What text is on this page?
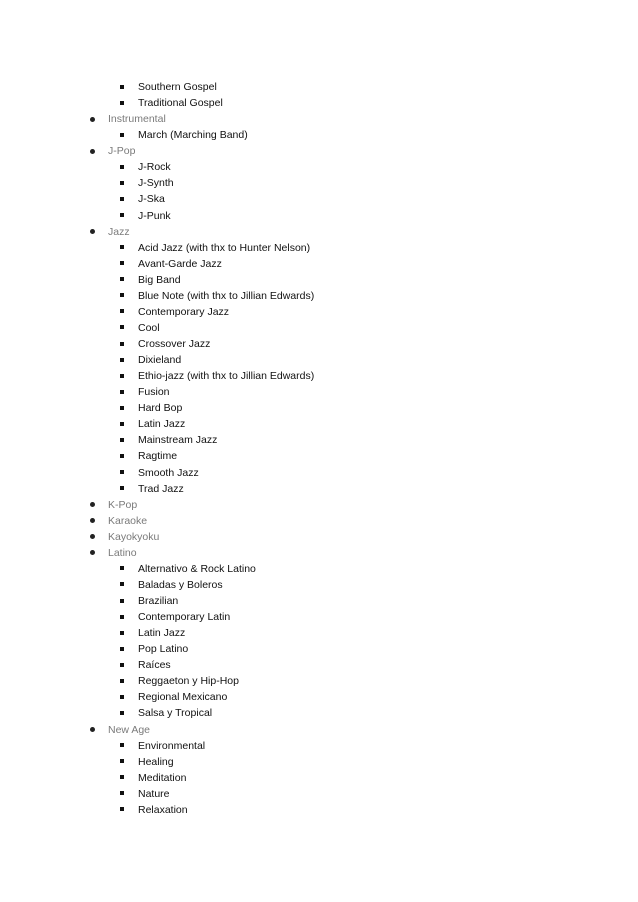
Southern Gospel
Traditional Gospel
Instrumental
March (Marching Band)
J-Pop
J-Rock
J-Synth
J-Ska
J-Punk
Jazz
Acid Jazz (with thx to Hunter Nelson)
Avant-Garde Jazz
Big Band
Blue Note (with thx to Jillian Edwards)
Contemporary Jazz
Cool
Crossover Jazz
Dixieland
Ethio-jazz (with thx to Jillian Edwards)
Fusion
Hard Bop
Latin Jazz
Mainstream Jazz
Ragtime
Smooth Jazz
Trad Jazz
K-Pop
Karaoke
Kayokyoku
Latino
Alternativo & Rock Latino
Baladas y Boleros
Brazilian
Contemporary Latin
Latin Jazz
Pop Latino
Raíces
Reggaeton y Hip-Hop
Regional Mexicano
Salsa y Tropical
New Age
Environmental
Healing
Meditation
Nature
Relaxation
